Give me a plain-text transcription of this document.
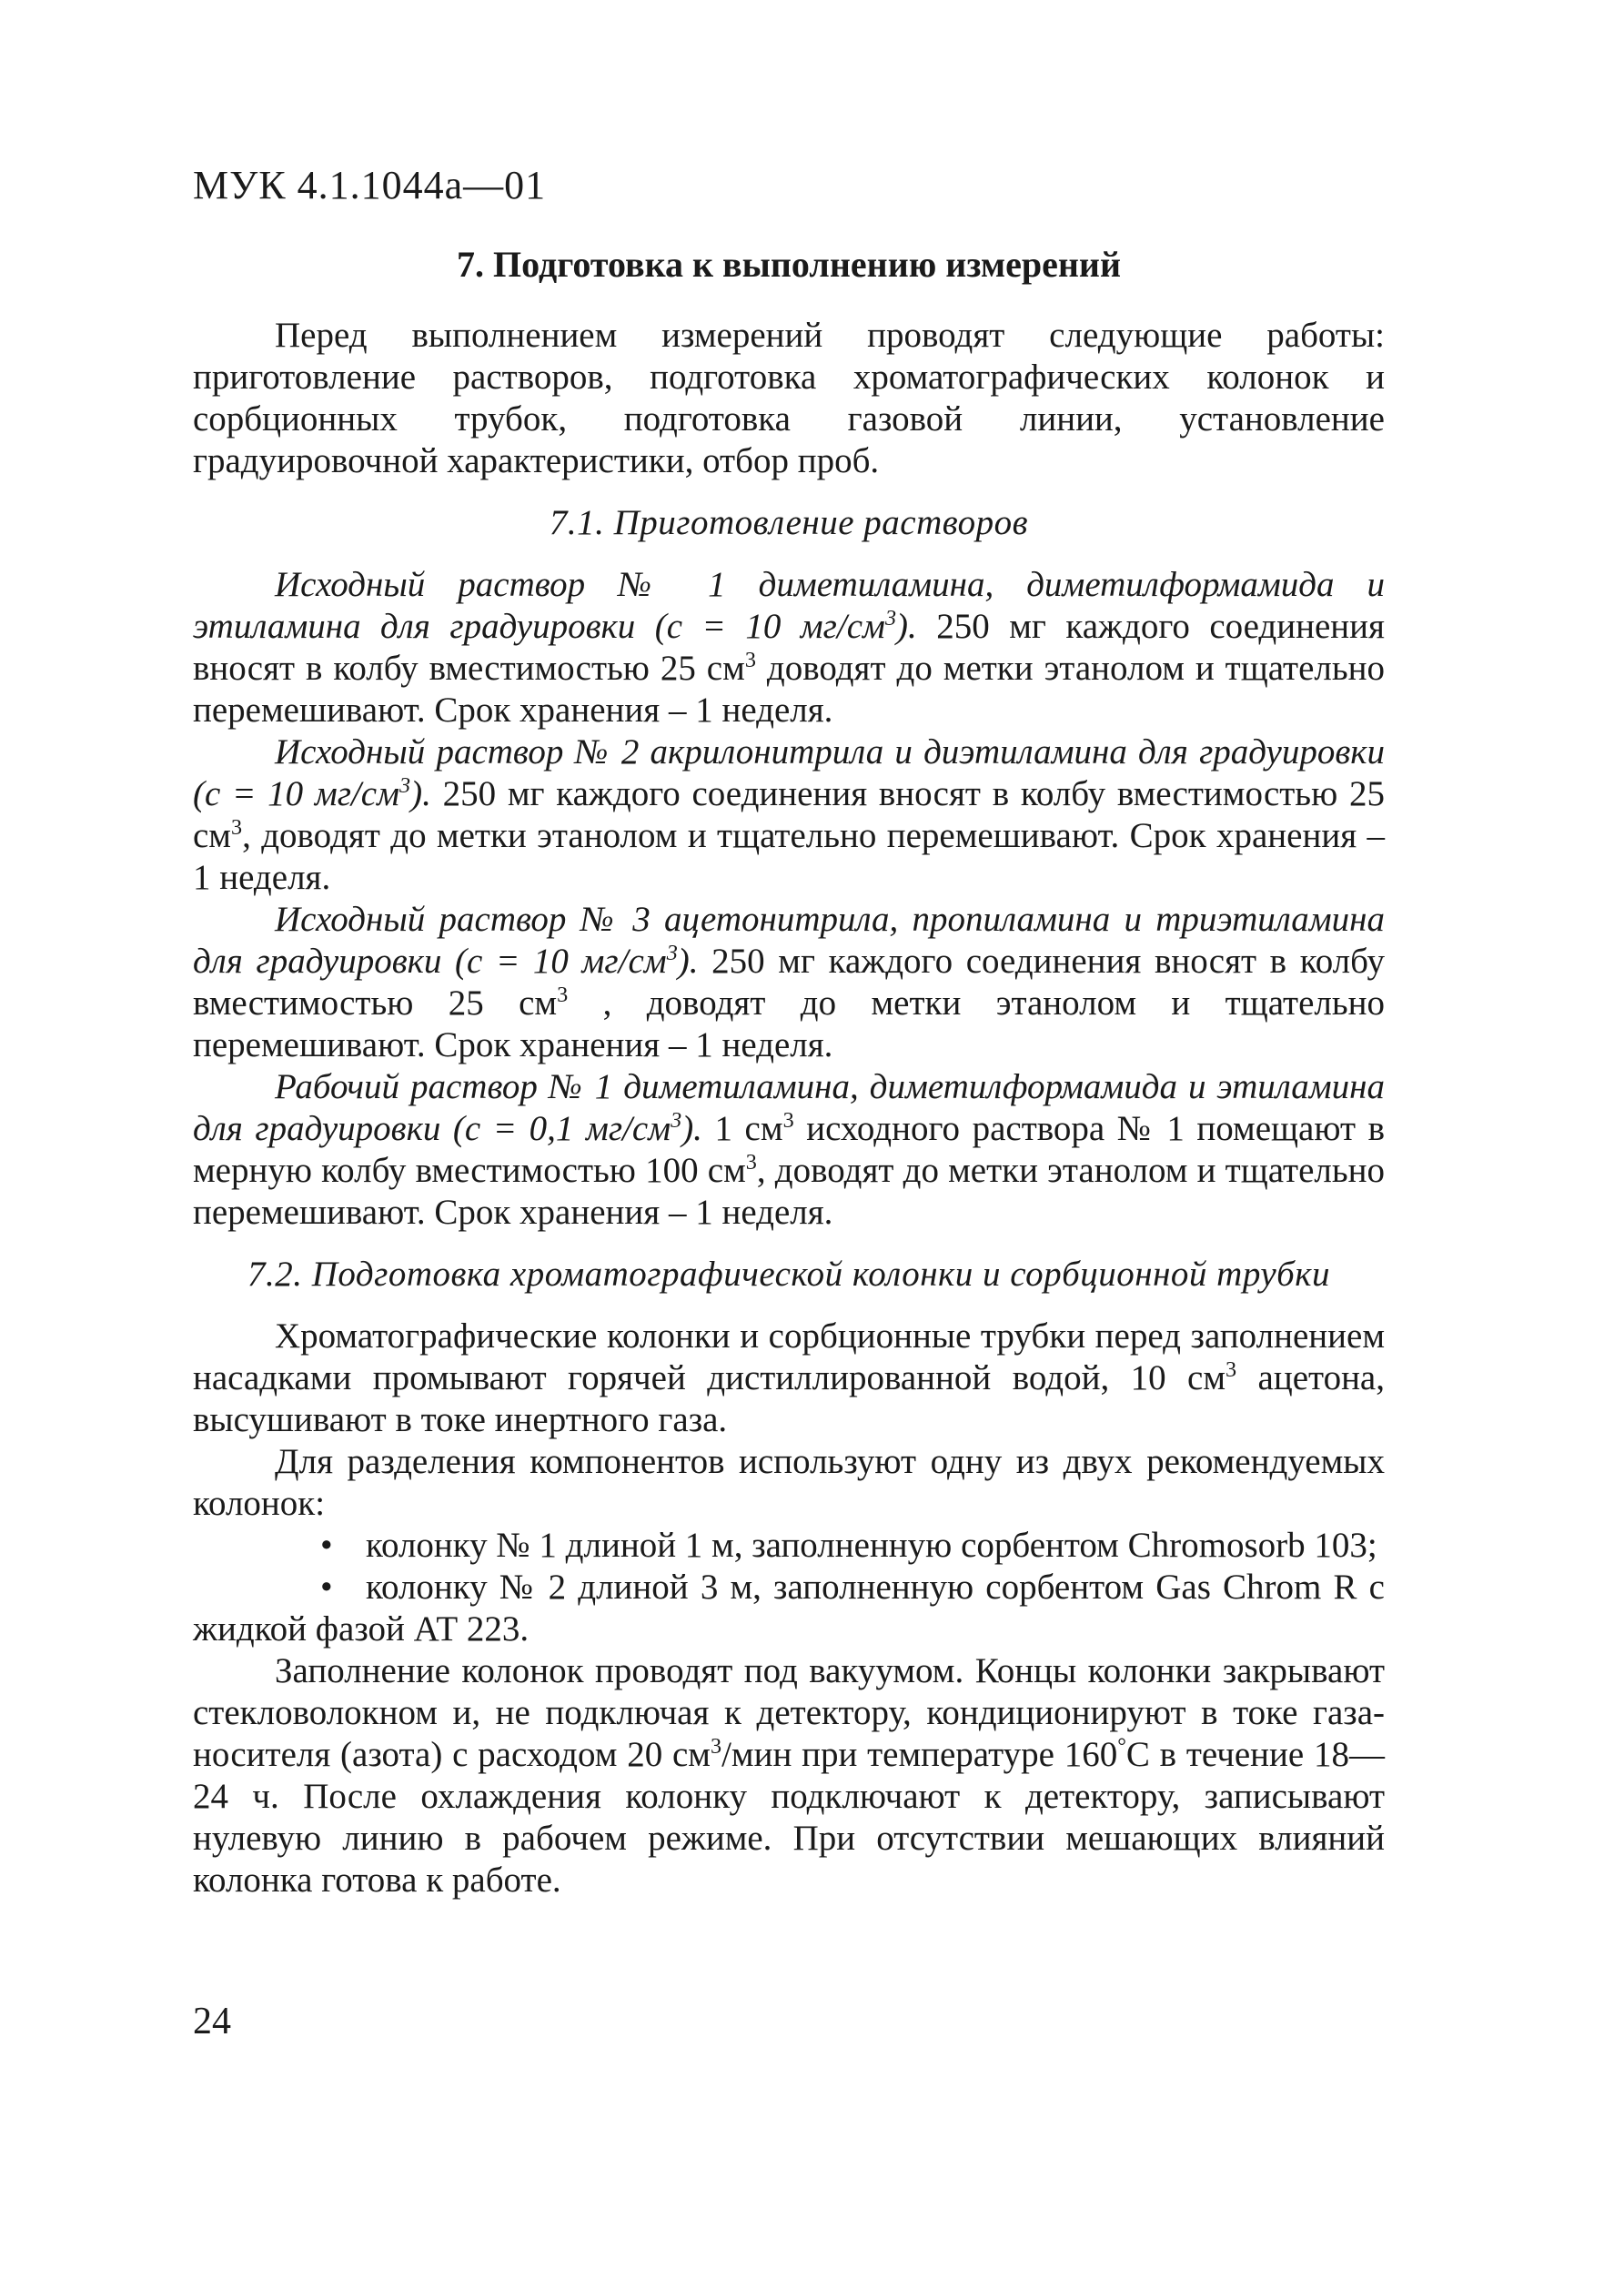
МУК 4.1.1044а—01
7. Подготовка к выполнению измерений

Перед выполнением измерений проводят следующие работы: приготовление растворов, подготовка хроматографических колонок и сорбционных трубок, подготовка газовой линии, установление градуировочной характеристики, отбор проб.

7.1. Приготовление растворов

Исходный раствор № 1 диметиламина, диметилформамида и этиламина для градуировки (с = 10 $мг/см^3$). 250 мг каждого соединения вносят в колбу вместимостью 25 $см^3$ доводят до метки этанолом и тщательно перемешивают. Срок хранения – 1 неделя.

Исходный раствор № 2 акрилонитрила и диэтиламина для градуировки (с = 10 $мг/см^3$). 250 мг каждого соединения вносят в колбу вместимостью 25 $см^3$, доводят до метки этанолом и тщательно перемешивают. Срок хранения – 1 неделя.

Исходный раствор № 3 ацетонитрила, пропиламина и триэтиламина для градуировки (с = 10 $мг/см^3$). 250 мг каждого соединения вносят в колбу вместимостью 25 $см^3$ , доводят до метки этанолом и тщательно перемешивают. Срок хранения – 1 неделя.

Рабочий раствор № 1 диметиламина, диметилформамида и этиламина для градуировки (с = 0,1 $мг/см^3$). 1 $см^3$ исходного раствора № 1 помещают в мерную колбу вместимостью 100 $см^3$, доводят до метки этанолом и тщательно перемешивают. Срок хранения – 1 неделя.

7.2. Подготовка хроматографической колонки и сорбционной трубки

Хроматографические колонки и сорбционные трубки перед заполнением насадками промывают горячей дистиллированной водой, 10 $см^3$ ацетона, высушивают в токе инертного газа.

Для разделения компонентов используют одну из двух рекомендуемых колонок:

• колонку № 1 длиной 1 м, заполненную сорбентом Chromosorb 103;

• колонку № 2 длиной 3 м, заполненную сорбентом Gas Chrom R с жидкой фазой АТ 223.

Заполнение колонок проводят под вакуумом. Концы колонки закрывают стекловолокном и, не подключая к детектору, кондиционируют в токе газа-носителя (азота) с расходом 20 $см^3$/мин при температуре 160°С в течение 18—24 ч. После охлаждения колонку подключают к детектору, записывают нулевую линию в рабочем режиме. При отсутствии мешающих влияний колонка готова к работе.

24
